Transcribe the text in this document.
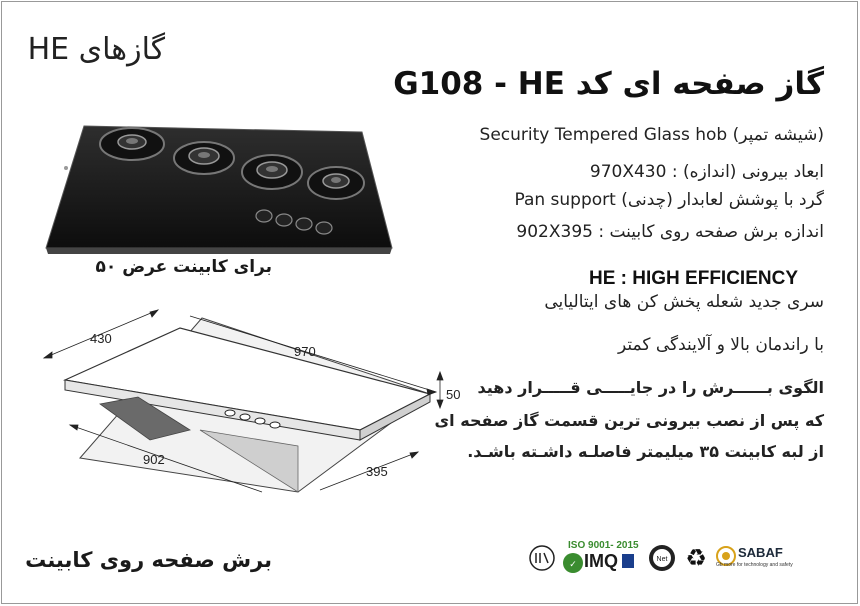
گازهای HE
گاز صفحه ای کد G108 - HE
Security Tempered Glass hob (شیشه تمپر)
970X430 : ابعاد بیرونی (اندازه)
Pan support (چدنی) گرد با پوشش لعابدار
902X395 : اندازه برش صفحه روی کابینت
HE : HIGH EFFICIENCY
سری جدید شعله پخش کن های ایتالیایی
با راندمان بالا و آلایندگی کمتر
الگوی بــــــرش را در جایـــــی قـــــرار دهید
که پس از نصب بیرونی ترین قسمت گاز صفحه ای
از لبه کابینت ۳۵ میلیمتر فاصلـه داشـته باشـد.
برای کابینت عرض ۵۰
430
970
50
902
395
برش صفحه روی کابینت	✓
ISO 9001- 2015
IMQ	Net ♻ SABAF
Gb more for technology and safety
